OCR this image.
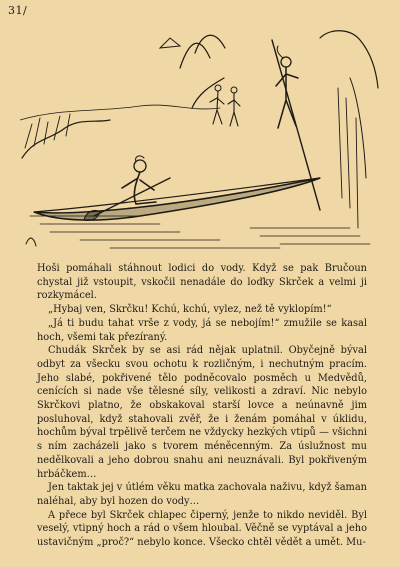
31/

Hoši pomáhali stáhnout lodici do vody. Když se pak Bručoun chystal již vstoupit, vskočil nenadále do loďky Skrček a velmi ji rozkymácel.

„Hybaj ven, Skrčku! Kchú, kchú, vylez, než tě vyklopím!“

„Já ti budu tahat vrše z vody, já se nebojím!“ zmužile se kasal hoch, všemi tak přezíraný.

Chudák Skrček by se asi rád nějak uplatnil. Obyčejně býval odbyt za všecku svou ochotu k rozličným, i nechutným pracím. Jeho slabé, pokřivené tělo podněcovalo posměch u Medvědů, cenících si nade vše tělesné síly, velikosti a zdraví. Nic nebylo Skrčkovi platno, že obskakoval starší lovce a neúnavně jim posluhoval, když stahovali zvěř, že i ženám pomáhal v úklidu, hochům býval trpělivě terčem ne vždycky hezkých vtipů — všichni s ním zacházeli jako s tvorem méněcenným. Za úslužnost mu nedělkovali a jeho dobrou snahu ani neuznávali. Byl pokřiveným hrbáčkem…

Jen taktak jej v útlém věku matka zachovala naživu, když šaman naléhal, aby byl hozen do vody…

A přece byl Skrček chlapec čiperný, jenže to nikdo neviděl. Byl veselý, vtipný hoch a rád o všem hloubal. Věčně se vyptával a jeho ustavičným „proč?“ nebylo konce. Všecko chtěl vědět a umět. Mu-
